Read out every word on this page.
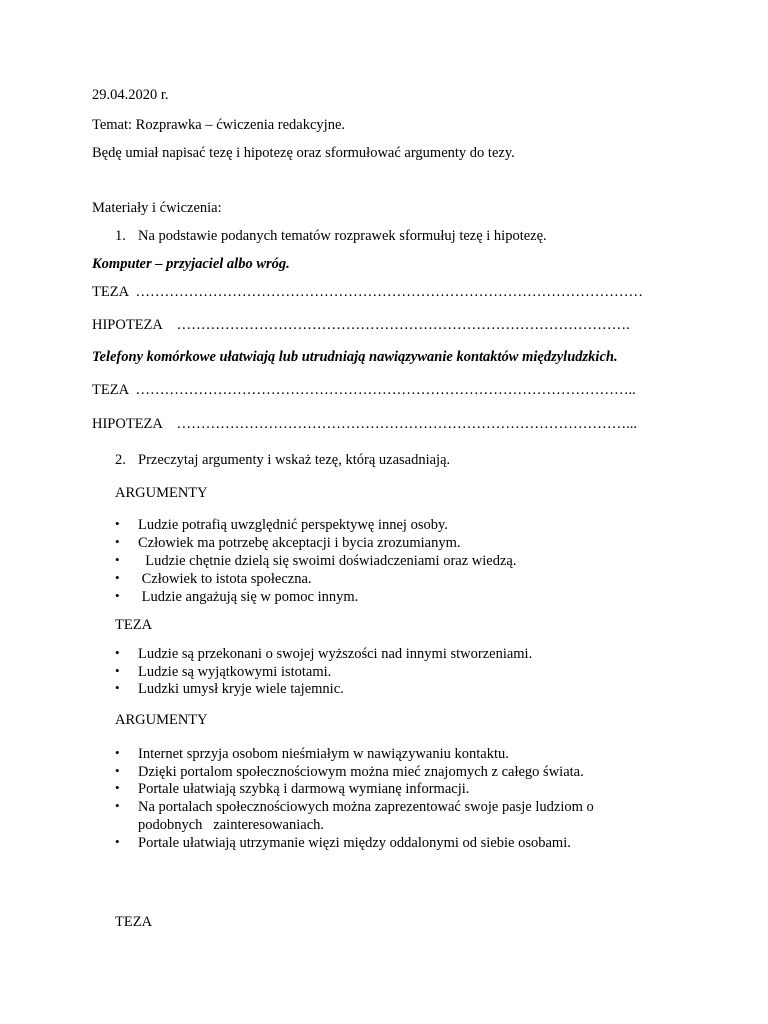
29.04.2020 r.
Temat: Rozprawka – ćwiczenia redakcyjne.
Będę umiał napisać tezę i hipotezę oraz sformułować argumenty do tezy.
Materiały i ćwiczenia:
1. Na podstawie podanych tematów rozprawek sformułuj tezę i hipotezę.
Komputer – przyjaciel albo wróg.
TEZA  ……………………………………………………………………………………………
HIPOTEZA    ………………………………………………………………………………….
Telefony komórkowe ułatwiają lub utrudniają nawiązywanie kontaktów międzyludzkich.
TEZA  …………………………………………………………………………………………..
HIPOTEZA    …………………………………………………………………………………...
2. Przeczytaj argumenty i wskaż tezę, którą uzasadniają.
ARGUMENTY
• Ludzie potrafią uwzględnić perspektywę innej osoby.
• Człowiek ma potrzebę akceptacji i bycia zrozumianym.
• Ludzie chętnie dzielą się swoimi doświadczeniami oraz wiedzą.
• Człowiek to istota społeczna.
• Ludzie angażują się w pomoc innym.
TEZA
• Ludzie są przekonani o swojej wyższości nad innymi stworzeniami.
• Ludzie są wyjątkowymi istotami.
• Ludzki umysł kryje wiele tajemnic.
ARGUMENTY
• Internet sprzyja osobom nieśmiałym w nawiązywaniu kontaktu.
• Dzięki portalom społecznościowym można mieć znajomych z całego świata.
• Portale ułatwiają szybką i darmową wymianę informacji.
• Na portalach społecznościowych można zaprezentować swoje pasje ludziom o podobnych   zainteresowaniach.
• Portale ułatwiają utrzymanie więzi między oddalonymi od siebie osobami.
TEZA
